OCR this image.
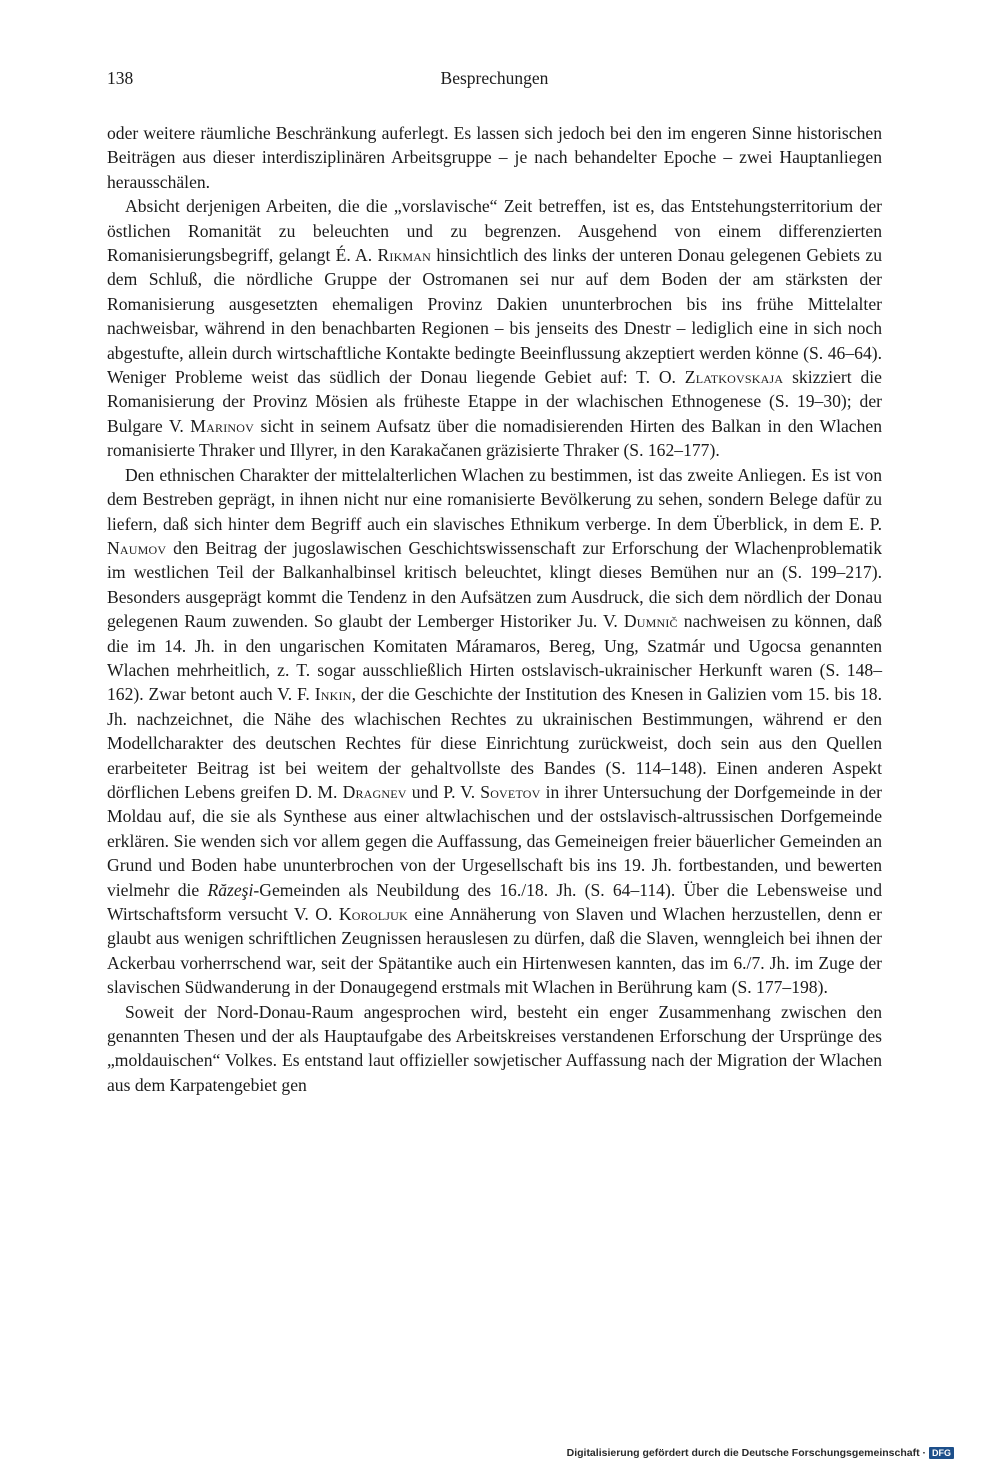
138	Besprechungen

oder weitere räumliche Beschränkung auferlegt. Es lassen sich jedoch bei den im engeren Sinne historischen Beiträgen aus dieser interdisziplinären Arbeitsgruppe – je nach behandelter Epoche – zwei Hauptanliegen herausschälen.

Absicht derjenigen Arbeiten, die die „vorslavische“ Zeit betreffen, ist es, das Entstehungsterritorium der östlichen Romanität zu beleuchten und zu begrenzen. Ausgehend von einem differenzierten Romanisierungsbegriff, gelangt É. A. Rikman hinsichtlich des links der unteren Donau gelegenen Gebiets zu dem Schluß, die nördliche Gruppe der Ostromanen sei nur auf dem Boden der am stärksten der Romanisierung ausgesetzten ehemaligen Provinz Dakien ununterbrochen bis ins frühe Mittelalter nachweisbar, während in den benachbarten Regionen – bis jenseits des Dnestr – lediglich eine in sich noch abgestufte, allein durch wirtschaftliche Kontakte bedingte Beeinflussung akzeptiert werden könne (S. 46–64). Weniger Probleme weist das südlich der Donau liegende Gebiet auf: T. O. Zlatkovskaja skizziert die Romanisierung der Provinz Mösien als früheste Etappe in der wlachischen Ethnogenese (S. 19–30); der Bulgare V. Marinov sicht in seinem Aufsatz über die nomadisierenden Hirten des Balkan in den Wlachen romanisierte Thraker und Illyrer, in den Karakačanen gräzisierte Thraker (S. 162–177).

Den ethnischen Charakter der mittelalterlichen Wlachen zu bestimmen, ist das zweite Anliegen. Es ist von dem Bestreben geprägt, in ihnen nicht nur eine romanisierte Bevölkerung zu sehen, sondern Belege dafür zu liefern, daß sich hinter dem Begriff auch ein slavisches Ethnikum verberge. In dem Überblick, in dem E. P. Naumov den Beitrag der jugoslawischen Geschichtswissenschaft zur Erforschung der Wlachenproblematik im westlichen Teil der Balkanhalbinsel kritisch beleuchtet, klingt dieses Bemühen nur an (S. 199–217). Besonders ausgeprägt kommt die Tendenz in den Aufsätzen zum Ausdruck, die sich dem nördlich der Donau gelegenen Raum zuwenden. So glaubt der Lemberger Historiker Ju. V. Dumnič nachweisen zu können, daß die im 14. Jh. in den ungarischen Komitaten Máramaros, Bereg, Ung, Szatmár und Ugocsa genannten Wlachen mehrheitlich, z. T. sogar ausschließlich Hirten ostslavisch-ukrainischer Herkunft waren (S. 148–162). Zwar betont auch V. F. Inkin, der die Geschichte der Institution des Knesen in Galizien vom 15. bis 18. Jh. nachzeichnet, die Nähe des wlachischen Rechtes zu ukrainischen Bestimmungen, während er den Modellcharakter des deutschen Rechtes für diese Einrichtung zurückweist, doch sein aus den Quellen erarbeiteter Beitrag ist bei weitem der gehaltvollste des Bandes (S. 114–148). Einen anderen Aspekt dörflichen Lebens greifen D. M. Dragnev und P. V. Sovetov in ihrer Untersuchung der Dorfgemeinde in der Moldau auf, die sie als Synthese aus einer altwlachischen und der ostslavisch-altrussischen Dorfgemeinde erklären. Sie wenden sich vor allem gegen die Auffassung, das Gemeineigen freier bäuerlicher Gemeinden an Grund und Boden habe ununterbrochen von der Urgesellschaft bis ins 19. Jh. fortbestanden, und bewerten vielmehr die Răzeşi-Gemeinden als Neubildung des 16./18. Jh. (S. 64–114). Über die Lebensweise und Wirtschaftsform versucht V. O. Koroljuk eine Annäherung von Slaven und Wlachen herzustellen, denn er glaubt aus wenigen schriftlichen Zeugnissen herauslesen zu dürfen, daß die Slaven, wenngleich bei ihnen der Ackerbau vorherrschend war, seit der Spätantike auch ein Hirtenwesen kannten, das im 6./7. Jh. im Zuge der slavischen Südwanderung in der Donaugegend erstmals mit Wlachen in Berührung kam (S. 177–198).

Soweit der Nord-Donau-Raum angesprochen wird, besteht ein enger Zusammenhang zwischen den genannten Thesen und der als Hauptaufgabe des Arbeitskreises verstandenen Erforschung der Ursprünge des „moldauischen“ Volkes. Es entstand laut offizieller sowjetischer Auffassung nach der Migration der Wlachen aus dem Karpatengebiet gen

Digitalisierung gefördert durch die Deutsche Forschungsgemeinschaft · DFG
